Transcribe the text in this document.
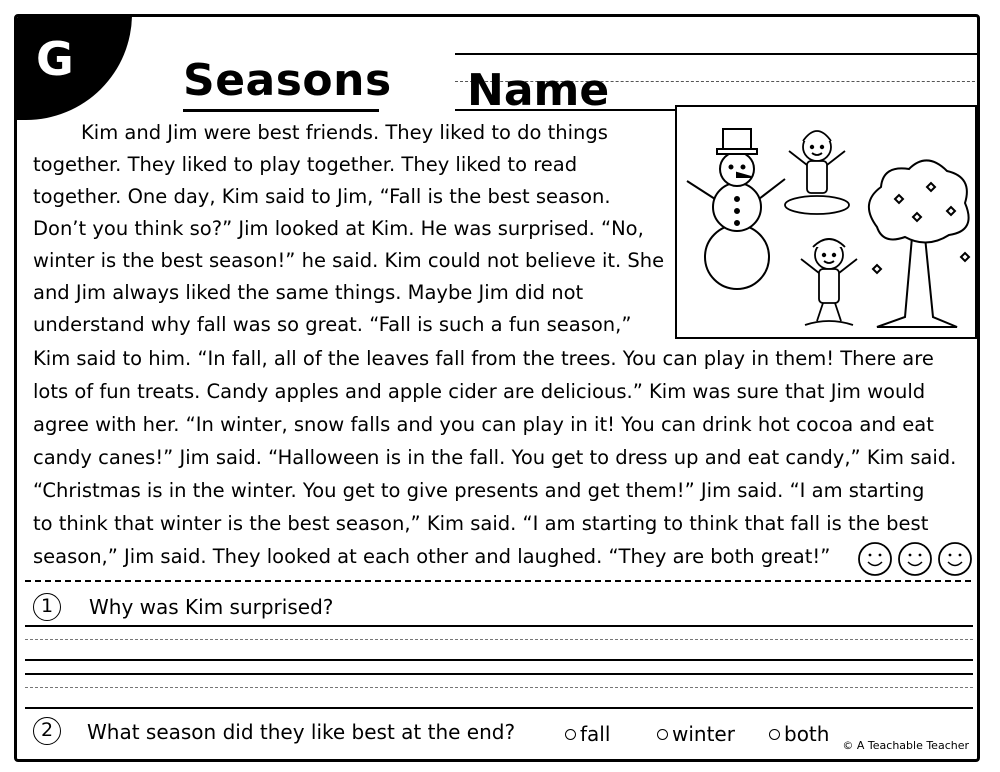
G Seasons Name
Kim and Jim were best friends. They liked to do things
together. They liked to play together. They liked to read
together. One day, Kim said to Jim, “Fall is the best season.
Don’t you think so?” Jim looked at Kim. He was surprised. “No,
winter is the best season!” he said. Kim could not believe it. She
and Jim always liked the same things. Maybe Jim did not
understand why fall was so great. “Fall is such a fun season,”
Kim said to him. “In fall, all of the leaves fall from the trees. You can play in them! There are
lots of fun treats. Candy apples and apple cider are delicious.” Kim was sure that Jim would
agree with her. “In winter, snow falls and you can play in it! You can drink hot cocoa and eat
candy canes!” Jim said. “Halloween is in the fall. You get to dress up and eat candy,” Kim said.
“Christmas is in the winter. You get to give presents and get them!” Jim said. “I am starting
to think that winter is the best season,” Kim said. “I am starting to think that fall is the best
season,” Jim said. They looked at each other and laughed. “They are both great!”
1	Why was Kim surprised?
2	What season did they like best at the end?	fall	winter	both © A Teachable Teacher
